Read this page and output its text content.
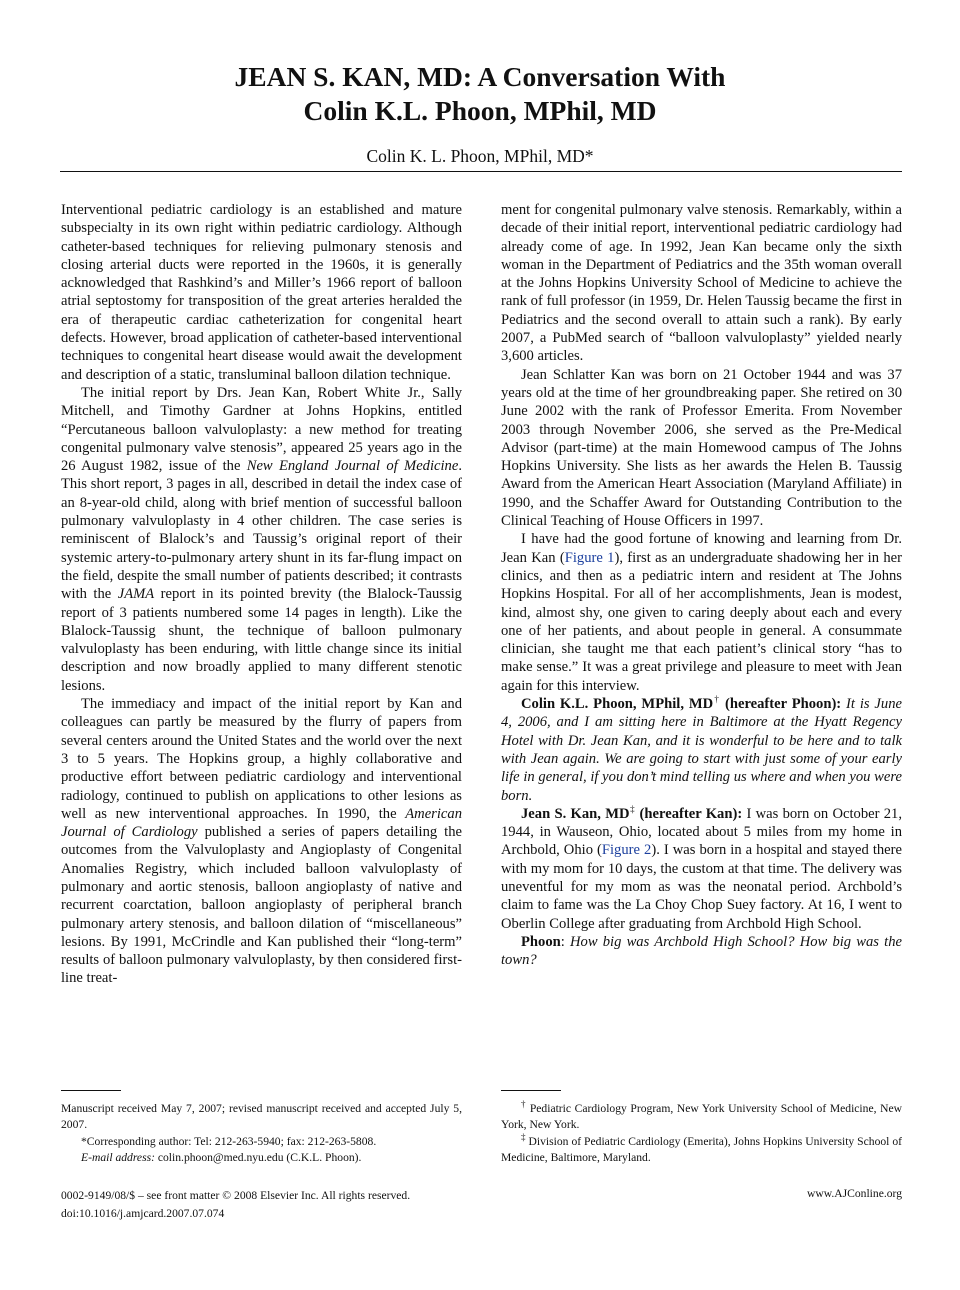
JEAN S. KAN, MD: A Conversation With
Colin K.L. Phoon, MPhil, MD
Colin K. L. Phoon, MPhil, MD*

Interventional pediatric cardiology is an established and mature subspecialty in its own right within pediatric cardiology. Although catheter-based techniques for relieving pulmonary stenosis and closing arterial ducts were reported in the 1960s, it is generally acknowledged that Rashkind’s and Miller’s 1966 report of balloon atrial septostomy for transposition of the great arteries heralded the era of therapeutic cardiac catheterization for congenital heart defects. However, broad application of catheter-based interventional techniques to congenital heart disease would await the development and description of a static, transluminal balloon dilation technique.

The initial report by Drs. Jean Kan, Robert White Jr., Sally Mitchell, and Timothy Gardner at Johns Hopkins, entitled “Percutaneous balloon valvuloplasty: a new method for treating congenital pulmonary valve stenosis”, appeared 25 years ago in the 26 August 1982, issue of the New England Journal of Medicine. This short report, 3 pages in all, described in detail the index case of an 8-year-old child, along with brief mention of successful balloon pulmonary valvuloplasty in 4 other children. The case series is reminiscent of Blalock’s and Taussig’s original report of their systemic artery-to-pulmonary artery shunt in its far-flung impact on the field, despite the small number of patients described; it contrasts with the JAMA report in its pointed brevity (the Blalock-Taussig report of 3 patients numbered some 14 pages in length). Like the Blalock-Taussig shunt, the technique of balloon pulmonary valvuloplasty has been enduring, with little change since its initial description and now broadly applied to many different stenotic lesions.

The immediacy and impact of the initial report by Kan and colleagues can partly be measured by the flurry of papers from several centers around the United States and the world over the next 3 to 5 years. The Hopkins group, a highly collaborative and productive effort between pediatric cardiology and interventional radiology, continued to publish on applications to other lesions as well as new interventional approaches. In 1990, the American Journal of Cardiology published a series of papers detailing the outcomes from the Valvuloplasty and Angioplasty of Congenital Anomalies Registry, which included balloon valvuloplasty of pulmonary and aortic stenosis, balloon angioplasty of native and recurrent coarctation, balloon angioplasty of peripheral branch pulmonary artery stenosis, and balloon dilation of “miscellaneous” lesions. By 1991, McCrindle and Kan published their “long-term” results of balloon pulmonary valvuloplasty, by then considered first-line treat-

ment for congenital pulmonary valve stenosis. Remarkably, within a decade of their initial report, interventional pediatric cardiology had already come of age. In 1992, Jean Kan became only the sixth woman in the Department of Pediatrics and the 35th woman overall at the Johns Hopkins University School of Medicine to achieve the rank of full professor (in 1959, Dr. Helen Taussig became the first in Pediatrics and the second overall to attain such a rank). By early 2007, a PubMed search of “balloon valvuloplasty” yielded nearly 3,600 articles.

Jean Schlatter Kan was born on 21 October 1944 and was 37 years old at the time of her groundbreaking paper. She retired on 30 June 2002 with the rank of Professor Emerita. From November 2003 through November 2006, she served as the Pre-Medical Advisor (part-time) at the main Homewood campus of The Johns Hopkins University. She lists as her awards the Helen B. Taussig Award from the American Heart Association (Maryland Affiliate) in 1990, and the Schaffer Award for Outstanding Contribution to the Clinical Teaching of House Officers in 1997.

I have had the good fortune of knowing and learning from Dr. Jean Kan (Figure 1), first as an undergraduate shadowing her in her clinics, and then as a pediatric intern and resident at The Johns Hopkins Hospital. For all of her accomplishments, Jean is modest, kind, almost shy, one given to caring deeply about each and every one of her patients, and about people in general. A consummate clinician, she taught me that each patient’s clinical story “has to make sense.” It was a great privilege and pleasure to meet with Jean again for this interview.

Colin K.L. Phoon, MPhil, MD† (hereafter Phoon): It is June 4, 2006, and I am sitting here in Baltimore at the Hyatt Regency Hotel with Dr. Jean Kan, and it is wonderful to be here and to talk with Jean again. We are going to start with just some of your early life in general, if you don’t mind telling us where and when you were born.

Jean S. Kan, MD‡ (hereafter Kan): I was born on October 21, 1944, in Wauseon, Ohio, located about 5 miles from my home in Archbold, Ohio (Figure 2). I was born in a hospital and stayed there with my mom for 10 days, the custom at that time. The delivery was uneventful for my mom as was the neonatal period. Archbold’s claim to fame was the La Choy Chop Suey factory. At 16, I went to Oberlin College after graduating from Archbold High School.

Phoon: How big was Archbold High School? How big was the town?

Manuscript received May 7, 2007; revised manuscript received and accepted July 5, 2007.

*Corresponding author: Tel: 212-263-5940; fax: 212-263-5808.

E-mail address: colin.phoon@med.nyu.edu (C.K.L. Phoon).

† Pediatric Cardiology Program, New York University School of Medicine, New York, New York.

‡ Division of Pediatric Cardiology (Emerita), Johns Hopkins University School of Medicine, Baltimore, Maryland.

0002-9149/08/$ – see front matter © 2008 Elsevier Inc. All rights reserved.
doi:10.1016/j.amjcard.2007.07.074
www.AJConline.org
